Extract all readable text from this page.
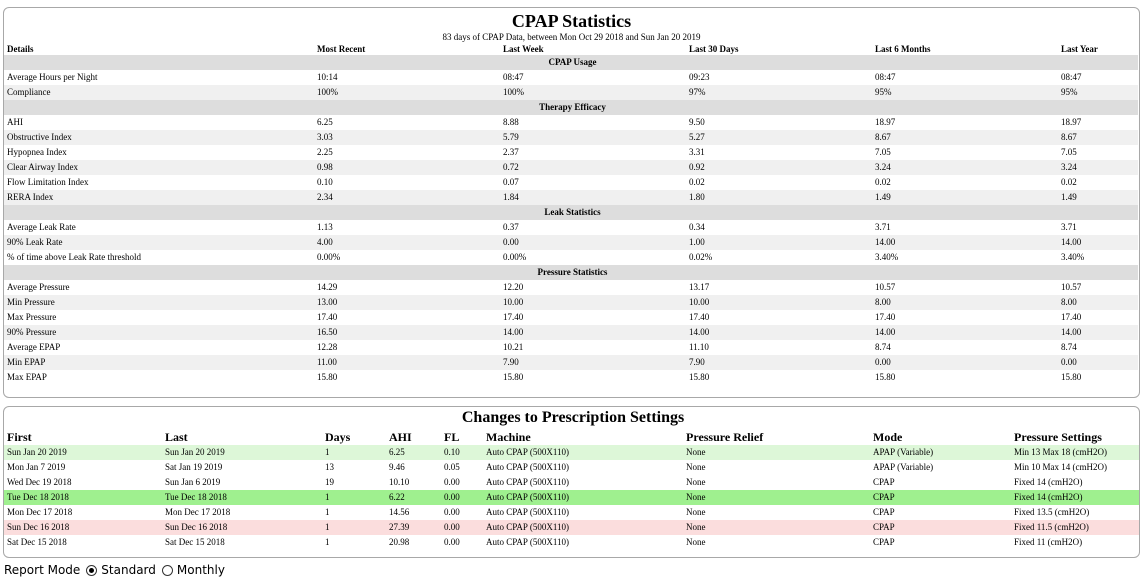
CPAP Statistics
83 days of CPAP Data, between Mon Oct 29 2018 and Sun Jan 20 2019
Details	Most Recent	Last Week	Last 30 Days	Last 6 Months	Last Year
CPAP Usage					
Average Hours per Night	10:14	08:47	09:23	08:47	08:47
Compliance	100%	100%	97%	95%	95%
Therapy Efficacy					
AHI	6.25	8.88	9.50	18.97	18.97
Obstructive Index	3.03	5.79	5.27	8.67	8.67
Hypopnea Index	2.25	2.37	3.31	7.05	7.05
Clear Airway Index	0.98	0.72	0.92	3.24	3.24
Flow Limitation Index	0.10	0.07	0.02	0.02	0.02
RERA Index	2.34	1.84	1.80	1.49	1.49
Leak Statistics					
Average Leak Rate	1.13	0.37	0.34	3.71	3.71
90% Leak Rate	4.00	0.00	1.00	14.00	14.00
% of time above Leak Rate threshold	0.00%	0.00%	0.02%	3.40%	3.40%
Pressure Statistics					
Average Pressure	14.29	12.20	13.17	10.57	10.57
Min Pressure	13.00	10.00	10.00	8.00	8.00
Max Pressure	17.40	17.40	17.40	17.40	17.40
90% Pressure	16.50	14.00	14.00	14.00	14.00
Average EPAP	12.28	10.21	11.10	8.74	8.74
Min EPAP	11.00	7.90	7.90	0.00	0.00
Max EPAP	15.80	15.80	15.80	15.80	15.80
Changes to Prescription Settings								
First	Last	Days	AHI	FL	Machine	Pressure Relief	Mode	Pressure Settings
Sun Jan 20 2019	Sun Jan 20 2019	1	6.25	0.10	Auto CPAP (500X110)	None	APAP (Variable)	Min 13 Max 18 (cmH2O)
Mon Jan 7 2019	Sat Jan 19 2019	13	9.46	0.05	Auto CPAP (500X110)	None	APAP (Variable)	Min 10 Max 14 (cmH2O)
Wed Dec 19 2018	Sun Jan 6 2019	19	10.10	0.00	Auto CPAP (500X110)	None	CPAP	Fixed 14 (cmH2O)
Tue Dec 18 2018	Tue Dec 18 2018	1	6.22	0.00	Auto CPAP (500X110)	None	CPAP	Fixed 14 (cmH2O)
Mon Dec 17 2018	Mon Dec 17 2018	1	14.56	0.00	Auto CPAP (500X110)	None	CPAP	Fixed 13.5 (cmH2O)
Sun Dec 16 2018	Sun Dec 16 2018	1	27.39	0.00	Auto CPAP (500X110)	None	CPAP	Fixed 11.5 (cmH2O)
Sat Dec 15 2018	Sat Dec 15 2018	1	20.98	0.00	Auto CPAP (500X110)	None	CPAP	Fixed 11 (cmH2O)
Report Mode Standard Monthly
